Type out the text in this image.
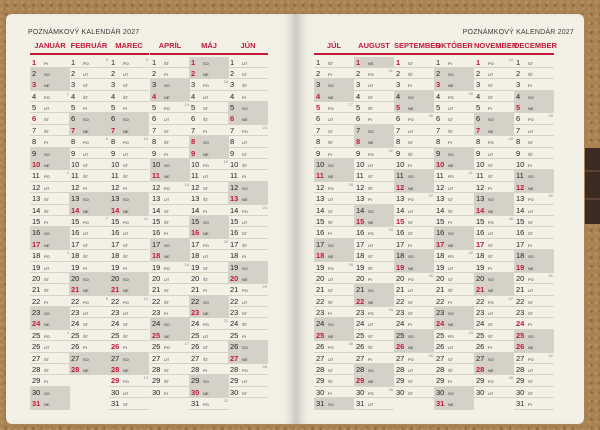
POZNÁMKOVÝ KALENDÁR 2027	POZNÁMKOVÝ KALENDÁR 2027
JANUÁR
1 PI
2 SO
3 NE
4 PO
1
5 UT
6 ST
7 ŠT
8 PI
9 SO
10 NE
11 PO
2
12 UT
13 ST
14 ŠT
15 PI
16 SO
17 NE
18 PO
3
19 UT
20 ST
21 ŠT
22 PI
23 SO
24 NE
25 PO
4
26 UT
27 ST
28 ŠT
29 PI
30 SO
31 NE
FEBRUÁR
1 PO
5
2 UT
3 ST
4 ŠT
5 PI
6 SO
7 NE
8 PO
6
9 UT
10 ST
11 ŠT
12 PI
13 SO
14 NE
15 PO
7
16 UT
17 ST
18 ŠT
19 PI
20 SO
21 NE
22 PO
8
23 UT
24 ST
25 ŠT
26 PI
27 SO
28 NE
MAREC
1 PO
9
2 UT
3 ST
4 ŠT
5 PI
6 SO
7 NE
8 PO
10
9 UT
10 ST
11 ŠT
12 PI
13 SO
14 NE
15 PO
11
16 UT
17 ST
18 ŠT
19 PI
20 SO
21 NE
22 PO
12
23 UT
24 ST
25 ŠT
26 PI
27 SO
28 NE
29 PO
13
30 UT
31 ST
APRÍL
1 ŠT
2 PI
3 SO
4 NE
5 PO
14
6 UT
7 ST
8 ŠT
9 PI
10 SO
11 NE
12 PO
15
13 UT
14 ST
15 ŠT
16 PI
17 SO
18 NE
19 PO
16
20 UT
21 ST
22 ŠT
23 PI
24 SO
25 NE
26 PO
17
27 UT
28 ST
29 ŠT
30 PI
MÁJ
1 SO
2 NE
3 PO
18
4 UT
5 ST
6 ŠT
7 PI
8 SO
9 NE
10 PO
19
11 UT
12 ST
13 ŠT
14 PI
15 SO
16 NE
17 PO
20
18 UT
19 ST
20 ŠT
21 PI
22 SO
23 NE
24 PO
21
25 UT
26 ST
27 ŠT
28 PI
29 SO
30 NE
31 PO
22
JÚN
1 UT
2 ST
3 ŠT
4 PI
5 SO
6 NE
7 PO
23
8 UT
9 ST
10 ŠT
11 PI
12 SO
13 NE
14 PO
24
15 UT
16 ST
17 ŠT
18 PI
19 SO
20 NE
21 PO
25
22 UT
23 ST
24 ŠT
25 PI
26 SO
27 NE
28 PO
26
29 UT
30 ST
JÚL
1 ŠT
2 PI
3 SO
4 NE
5 PO
27
6 UT
7 ST
8 ŠT
9 PI
10 SO
11 NE
12 PO
28
13 UT
14 ST
15 ŠT
16 PI
17 SO
18 NE
19 PO
29
20 UT
21 ST
22 ŠT
23 PI
24 SO
25 NE
26 PO
30
27 UT
28 ST
29 ŠT
30 PI
31 SO
AUGUST
1 NE
2 PO
31
3 UT
4 ST
5 ŠT
6 PI
7 SO
8 NE
9 PO
32
10 UT
11 ST
12 ŠT
13 PI
14 SO
15 NE
16 PO
33
17 UT
18 ST
19 ŠT
20 PI
21 SO
22 NE
23 PO
34
24 UT
25 ST
26 ŠT
27 PI
28 SO
29 NE
30 PO
35
31 UT
SEPTEMBER
1 ST
2 ŠT
3 PI
4 SO
5 NE
6 PO
36
7 UT
8 ST
9 ŠT
10 PI
11 SO
12 NE
13 PO
37
14 UT
15 ST
16 ŠT
17 PI
18 SO
19 NE
20 PO
38
21 UT
22 ST
23 ŠT
24 PI
25 SO
26 NE
27 PO
39
28 UT
29 ST
30 ŠT
OKTÓBER
1 PI
2 SO
3 NE
4 PO
40
5 UT
6 ST
7 ŠT
8 PI
9 SO
10 NE
11 PO
41
12 UT
13 ST
14 ŠT
15 PI
16 SO
17 NE
18 PO
42
19 UT
20 ST
21 ŠT
22 PI
23 SO
24 NE
25 PO
43
26 UT
27 ST
28 ŠT
29 PI
30 SO
31 NE
NOVEMBER
1 PO
44
2 UT
3 ST
4 ŠT
5 PI
6 SO
7 NE
8 PO
45
9 UT
10 ST
11 ŠT
12 PI
13 SO
14 NE
15 PO
46
16 UT
17 ST
18 ŠT
19 PI
20 SO
21 NE
22 PO
47
23 UT
24 ST
25 ŠT
26 PI
27 SO
28 NE
29 PO
48
30 UT
DECEMBER
1 ST
2 ŠT
3 PI
4 SO
5 NE
6 PO
49
7 UT
8 ST
9 ŠT
10 PI
11 SO
12 NE
13 PO
50
14 UT
15 ST
16 ŠT
17 PI
18 SO
19 NE
20 PO
51
21 UT
22 ST
23 ŠT
24 PI
25 SO
26 NE
27 PO
52
28 UT
29 ST
30 ŠT
31 PI
